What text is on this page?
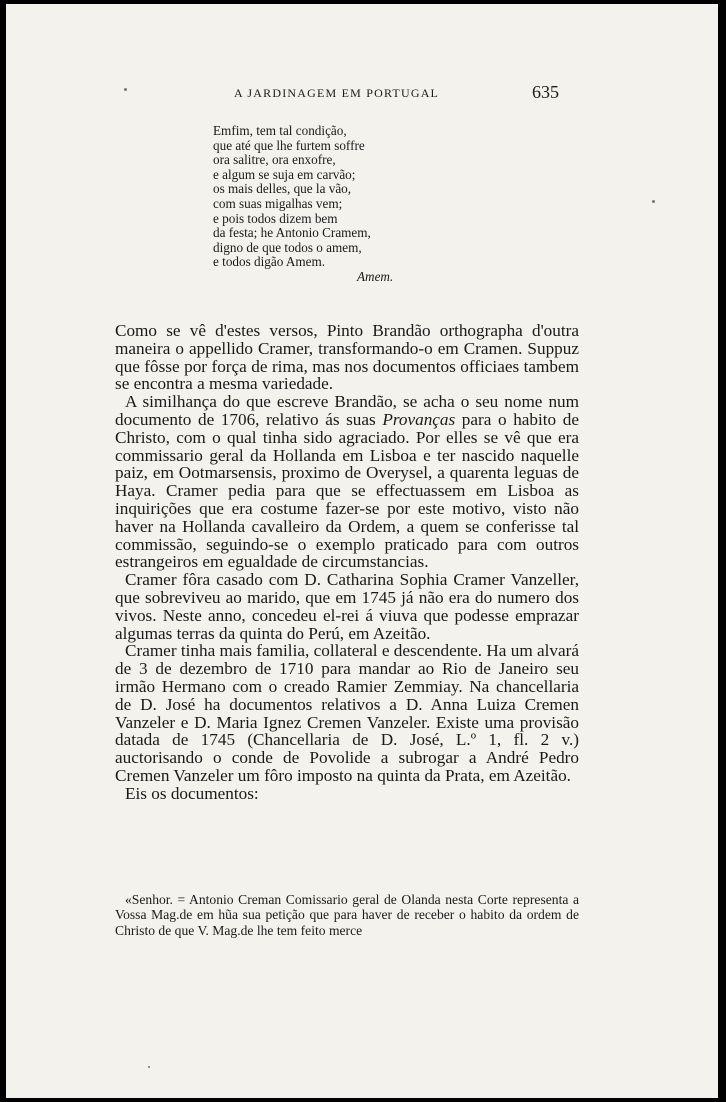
A JARDINAGEM EM PORTUGAL	635
Emfim, tem tal condição,
que até que lhe furtem soffre
ora salitre, ora enxofre,
e algum se suja em carvão;
os mais delles, que la vão,
com suas migalhas vem;
e pois todos dizem bem
da festa; he Antonio Cramem,
digno de que todos o amem,
e todos digão Amem.
Amem.

Como se vê d'estes versos, Pinto Brandão orthographa d'outra maneira o appellido Cramer, transformando-o em Cramen. Suppuz que fôsse por força de rima, mas nos documentos officiaes tambem se encontra a mesma variedade.

A similhança do que escreve Brandão, se acha o seu nome num documento de 1706, relativo ás suas Provanças para o habito de Christo, com o qual tinha sido agraciado. Por elles se vê que era commissario geral da Hollanda em Lisboa e ter nascido naquelle paiz, em Ootmarsensis, proximo de Overysel, a quarenta leguas de Haya. Cramer pedia para que se effectuassem em Lisboa as inquirições que era costume fazer-se por este motivo, visto não haver na Hollanda cavalleiro da Ordem, a quem se conferisse tal commissão, seguindo-se o exemplo praticado para com outros estrangeiros em egualdade de circumstancias.

Cramer fôra casado com D. Catharina Sophia Cramer Vanzeller, que sobreviveu ao marido, que em 1745 já não era do numero dos vivos. Neste anno, concedeu el-rei á viuva que podesse emprazar algumas terras da quinta do Perú, em Azeitão.

Cramer tinha mais familia, collateral e descendente. Ha um alvará de 3 de dezembro de 1710 para mandar ao Rio de Janeiro seu irmão Hermano com o creado Ramier Zemmiay. Na chancellaria de D. José ha documentos relativos a D. Anna Luiza Cremen Vanzeler e D. Maria Ignez Cremen Vanzeler. Existe uma provisão datada de 1745 (Chancellaria de D. José, L.º 1, fl. 2 v.) auctorisando o conde de Povolide a subrogar a André Pedro Cremen Vanzeler um fôro imposto na quinta da Prata, em Azeitão.

Eis os documentos:

«Senhor. = Antonio Creman Comissario geral de Olanda nesta Corte representa a Vossa Mag.de em hũa sua petição que para haver de receber o habito da ordem de Christo de que V. Mag.de lhe tem feito merce
